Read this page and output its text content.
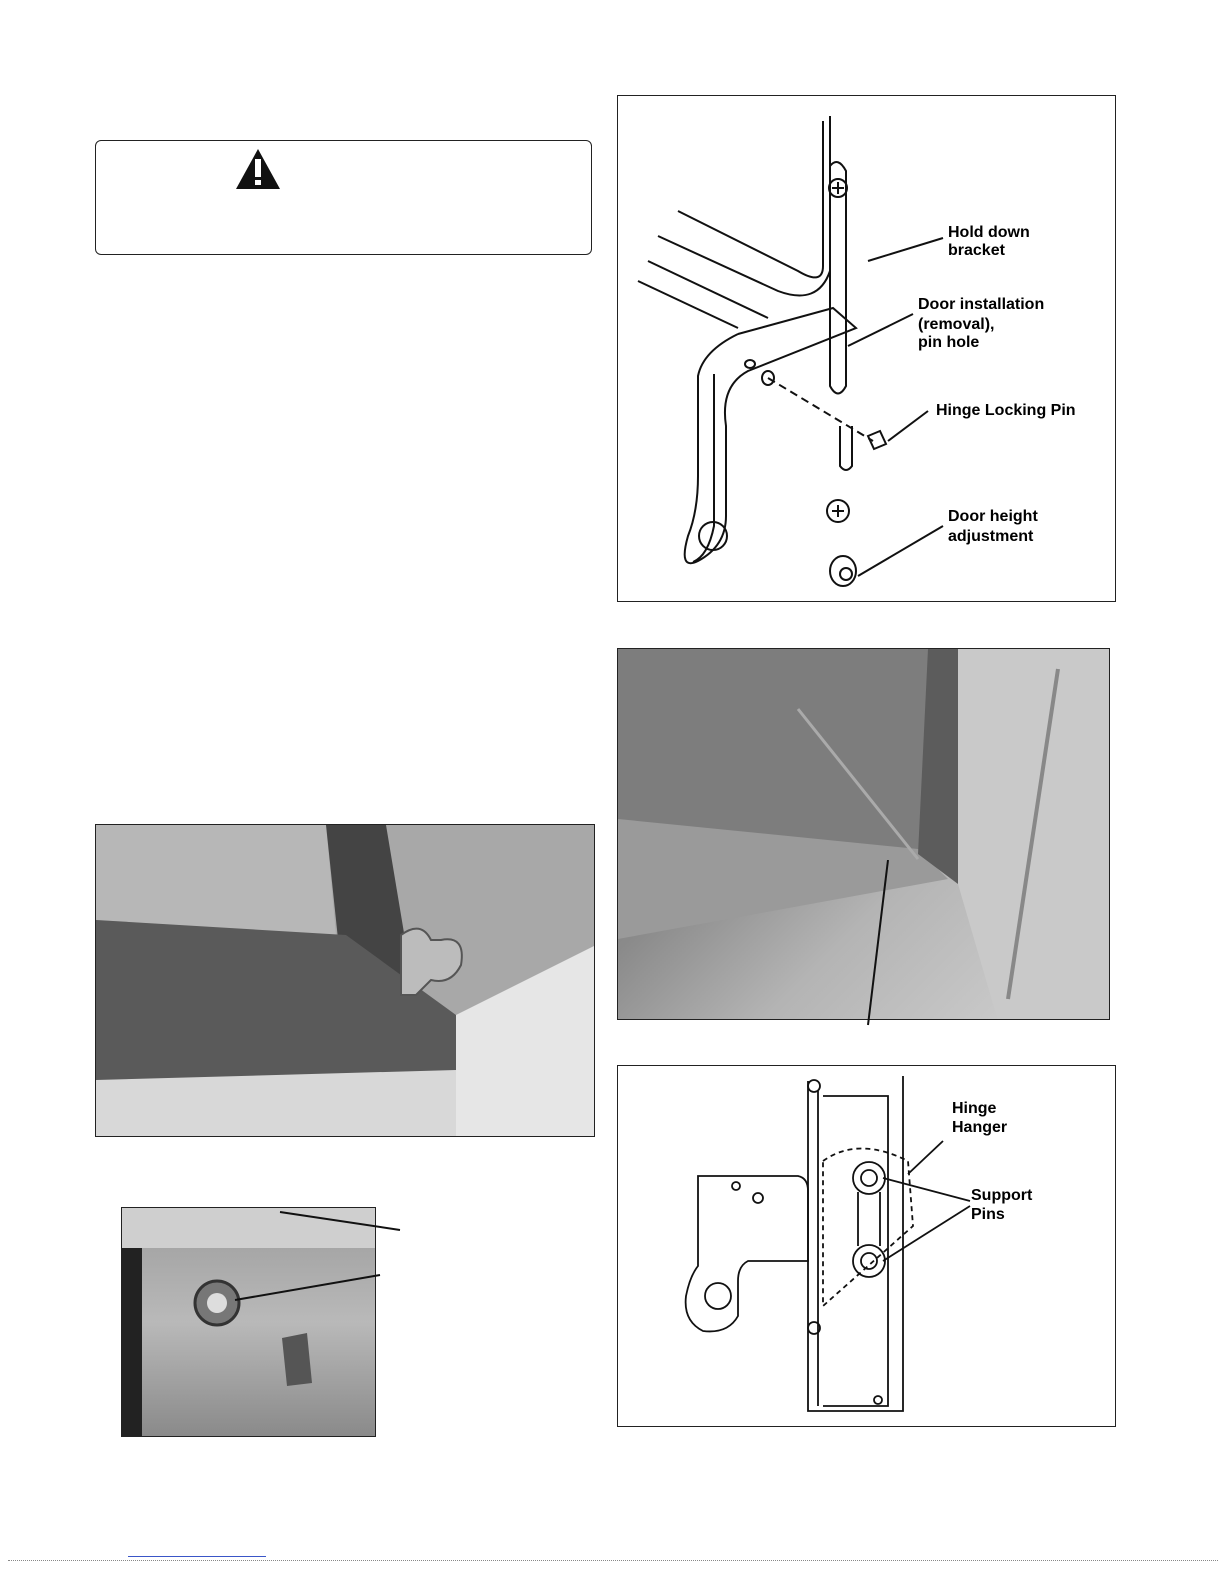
Hold down
bracket
Door installation
(removal),
pin hole
Hinge Locking Pin
Door height
adjustment
Hinge
Hanger
Support
Pins
